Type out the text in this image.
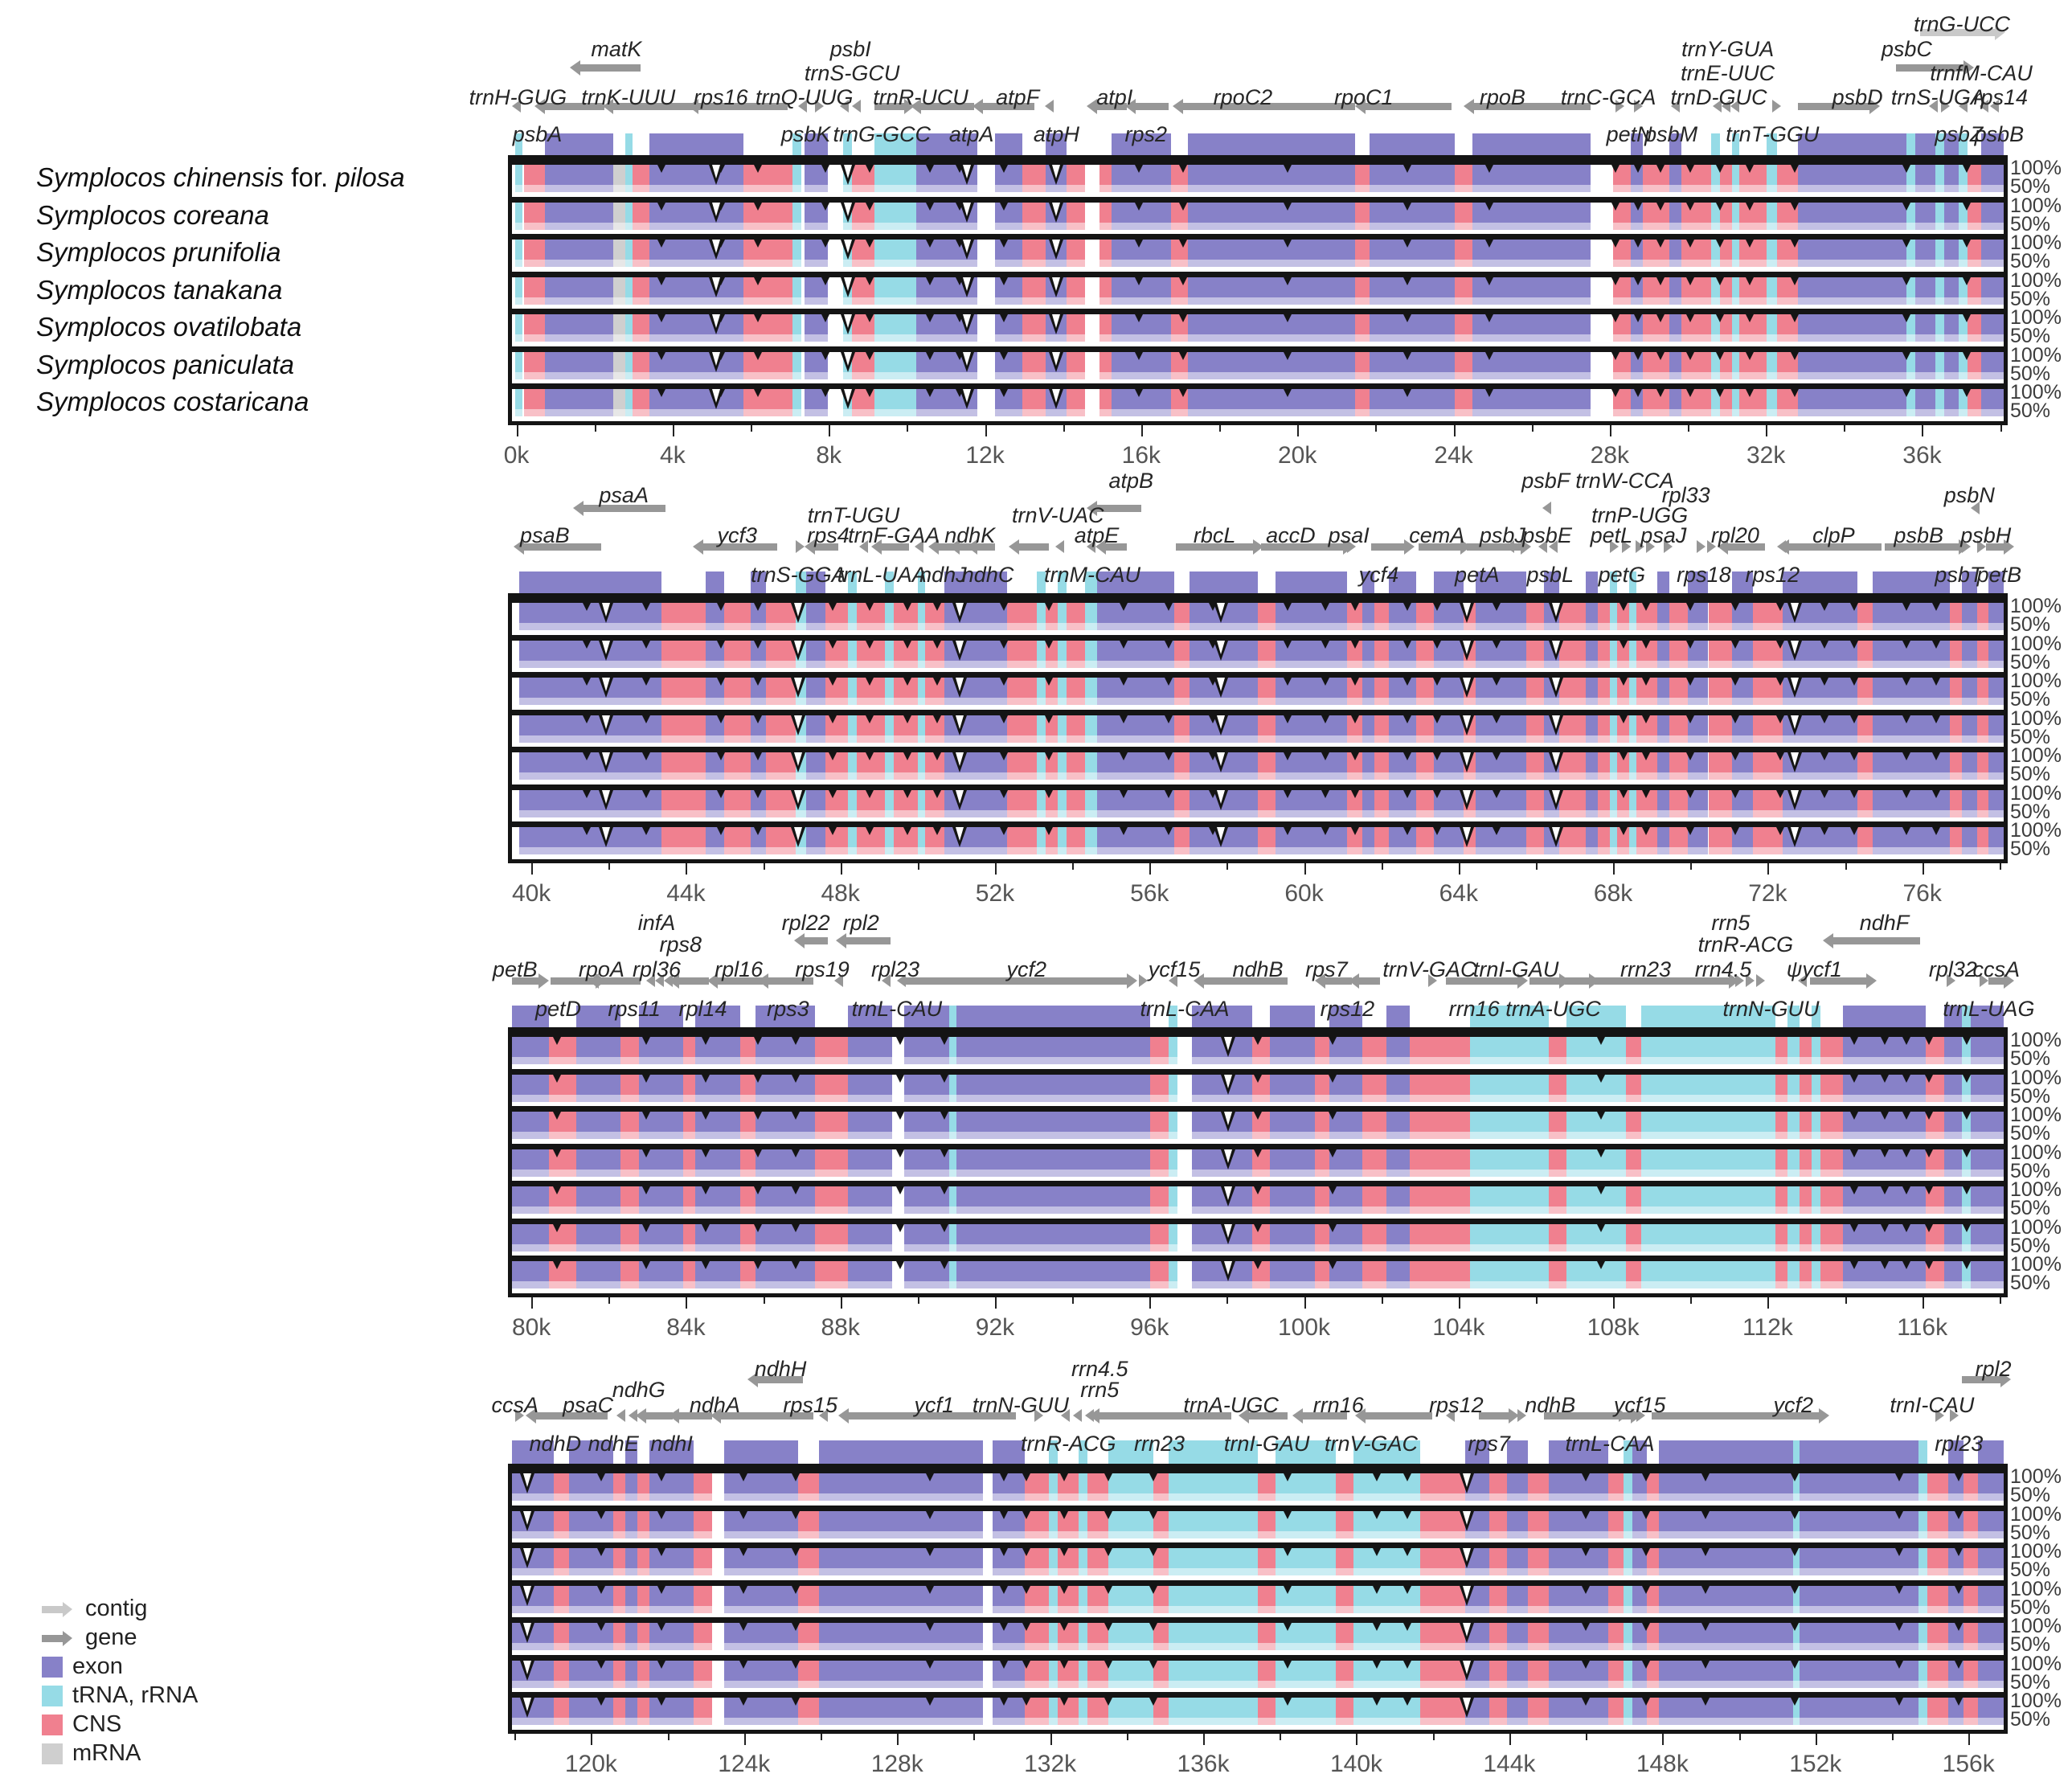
trnG-UCC
matK	psbI	trnY-GUA	psbC
trnS-GCU	trnE-UUC	trnfM-CAU
trnH-GUG trnK-UUU rps16 trnQ-UUG trnR-UCU atpF	atpI	rpoC2	rpoC1	rpoB trnC-GCA trnD-GUC	psbD trnS-UGA
rps14
psbA	psbK trnG-GCC atpA atpH rps2	petN
psbM trnT-GGU	psbZ
psbB
100%
50%
100%
50%
100%
50%
100%
50%
100%
50%
100%
50%
100%
50%
0k	4k	8k	12k	16k	20k	24k	28k	32k	36k
atpB	psbF trnW-CCA
psaA	rpl33	psbN
trnT-UGU	trnV-UAC	trnP-UGG
psaB	ycf3 rps4
trnF-GAA ndhK	atpE	rbcL accD psaI cemA psbJ
psbE petL psaJ rpl20 clpP psbB psbH
trnS-GGA
trnL-UAA
ndhJ
ndhC trnM-CAU	ycf4	petA psbL petG rps18 rps12	psbT
petB
100%
50%
100%
50%
100%
50%
100%
50%
100%
50%
100%
50%
100%
50%
40k	44k	48k	52k	56k	60k	64k	68k	72k	76k
infA	rpl22 rpl2	rrn5	ndhF
rps8	trnR-ACG
petB rpoA rpl36 rpl16 rps19 rpl23	ycf2	ycf15 ndhB rps7 trnV-GAC
trnI-GAU	rrn23 rrn4.5 ψycf1	rpl32
ccsA
petD rps11 rpl14 rps3 trnL-CAU	trnL-CAA	rps12	rrn16 trnA-UGC	trnN-GUU	trnL-UAG
100%
50%
100%
50%
100%
50%
100%
50%
100%
50%
100%
50%
100%
50%
80k	84k	88k	92k	96k	100k	104k	108k	112k	116k
ndhH	rrn4.5	rpl2
ndhG	rrn5
ccsA psaC	ndhA rps15	ycf1 trnN-GUU	trnA-UGC rrn16	rps12 ndhB ycf15	ycf2	trnI-CAU
ndhD ndhE ndhI	trnR-ACG rrn23 trnI-GAU trnV-GAC rps7	trnL-CAA	rpl23
100%
50%
100%
50%
100%
50%
100%
50%
100%
50%
100%
50%
100%
50%
120k	124k	128k	132k	136k	140k	144k	148k	152k	156k
Symplocos chinensis for. pilosa
Symplocos coreana
Symplocos prunifolia
Symplocos tanakana
Symplocos ovatilobata
Symplocos paniculata
Symplocos costaricana
contig
gene
exon
tRNA, rRNA
CNS
mRNA
